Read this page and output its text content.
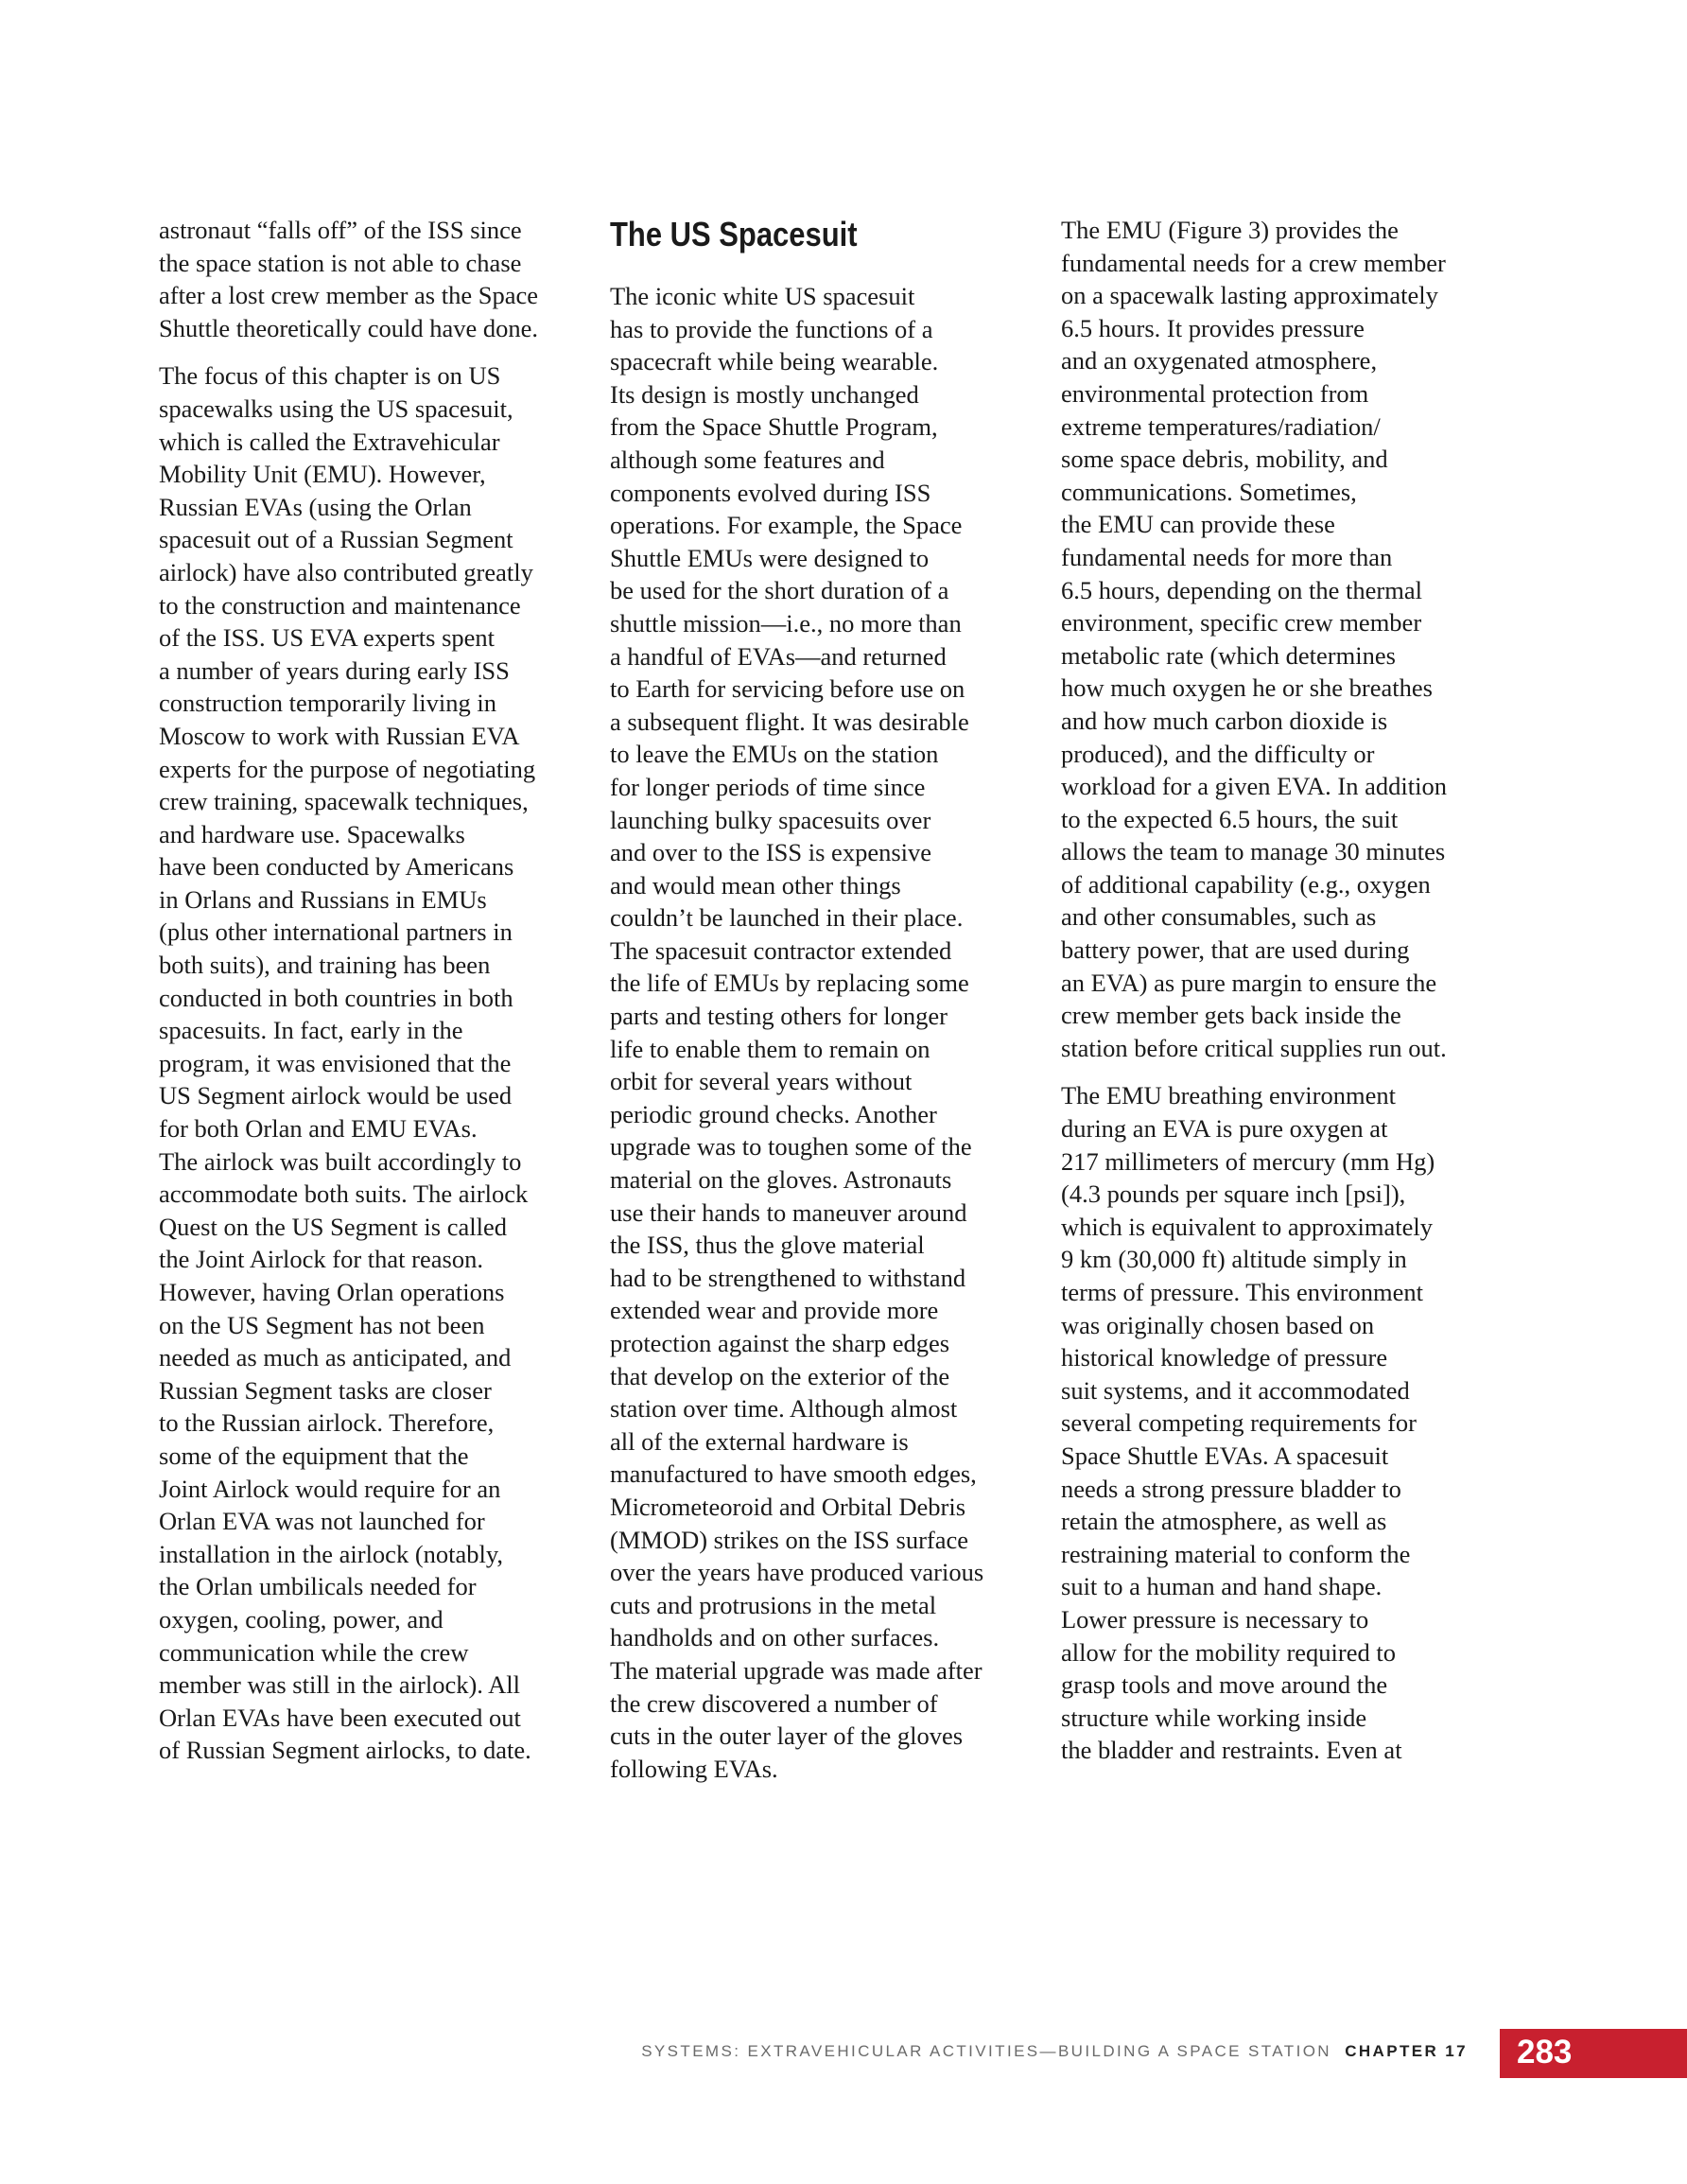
astronaut “falls off” of the ISS since
the space station is not able to chase
after a lost crew member as the Space
Shuttle theoretically could have done.

The focus of this chapter is on US
spacewalks using the US spacesuit,
which is called the Extravehicular
Mobility Unit (EMU). However,
Russian EVAs (using the Orlan
spacesuit out of a Russian Segment
airlock) have also contributed greatly
to the construction and maintenance
of the ISS. US EVA experts spent
a number of years during early ISS
construction temporarily living in
Moscow to work with Russian EVA
experts for the purpose of negotiating
crew training, spacewalk techniques,
and hardware use. Spacewalks
have been conducted by Americans
in Orlans and Russians in EMUs
(plus other international partners in
both suits), and training has been
conducted in both countries in both
spacesuits. In fact, early in the
program, it was envisioned that the
US Segment airlock would be used
for both Orlan and EMU EVAs.
The airlock was built accordingly to
accommodate both suits. The airlock
Quest on the US Segment is called
the Joint Airlock for that reason.
However, having Orlan operations
on the US Segment has not been
needed as much as anticipated, and
Russian Segment tasks are closer
to the Russian airlock. Therefore,
some of the equipment that the
Joint Airlock would require for an
Orlan EVA was not launched for
installation in the airlock (notably,
the Orlan umbilicals needed for
oxygen, cooling, power, and
communication while the crew
member was still in the airlock). All
Orlan EVAs have been executed out
of Russian Segment airlocks, to date.

The US Spacesuit

The iconic white US spacesuit
has to provide the functions of a
spacecraft while being wearable.
Its design is mostly unchanged
from the Space Shuttle Program,
although some features and
components evolved during ISS
operations. For example, the Space
Shuttle EMUs were designed to
be used for the short duration of a
shuttle mission—i.e., no more than
a handful of EVAs—and returned
to Earth for servicing before use on
a subsequent flight. It was desirable
to leave the EMUs on the station
for longer periods of time since
launching bulky spacesuits over
and over to the ISS is expensive
and would mean other things
couldn’t be launched in their place.
The spacesuit contractor extended
the life of EMUs by replacing some
parts and testing others for longer
life to enable them to remain on
orbit for several years without
periodic ground checks. Another
upgrade was to toughen some of the
material on the gloves. Astronauts
use their hands to maneuver around
the ISS, thus the glove material
had to be strengthened to withstand
extended wear and provide more
protection against the sharp edges
that develop on the exterior of the
station over time. Although almost
all of the external hardware is
manufactured to have smooth edges,
Micrometeoroid and Orbital Debris
(MMOD) strikes on the ISS surface
over the years have produced various
cuts and protrusions in the metal
handholds and on other surfaces.
The material upgrade was made after
the crew discovered a number of
cuts in the outer layer of the gloves
following EVAs.

The EMU (Figure 3) provides the
fundamental needs for a crew member
on a spacewalk lasting approximately
6.5 hours. It provides pressure
and an oxygenated atmosphere,
environmental protection from
extreme temperatures/radiation/
some space debris, mobility, and
communications. Sometimes,
the EMU can provide these
fundamental needs for more than
6.5 hours, depending on the thermal
environment, specific crew member
metabolic rate (which determines
how much oxygen he or she breathes
and how much carbon dioxide is
produced), and the difficulty or
workload for a given EVA. In addition
to the expected 6.5 hours, the suit
allows the team to manage 30 minutes
of additional capability (e.g., oxygen
and other consumables, such as
battery power, that are used during
an EVA) as pure margin to ensure the
crew member gets back inside the
station before critical supplies run out.

The EMU breathing environment
during an EVA is pure oxygen at
217 millimeters of mercury (mm Hg)
(4.3 pounds per square inch [psi]),
which is equivalent to approximately
9 km (30,000 ft) altitude simply in
terms of pressure. This environment
was originally chosen based on
historical knowledge of pressure
suit systems, and it accommodated
several competing requirements for
Space Shuttle EVAs. A spacesuit
needs a strong pressure bladder to
retain the atmosphere, as well as
restraining material to conform the
suit to a human and hand shape.
Lower pressure is necessary to
allow for the mobility required to
grasp tools and move around the
structure while working inside
the bladder and restraints. Even at

SYSTEMS: EXTRAVEHICULAR ACTIVITIES—BUILDING A SPACE STATION CHAPTER 17 283
